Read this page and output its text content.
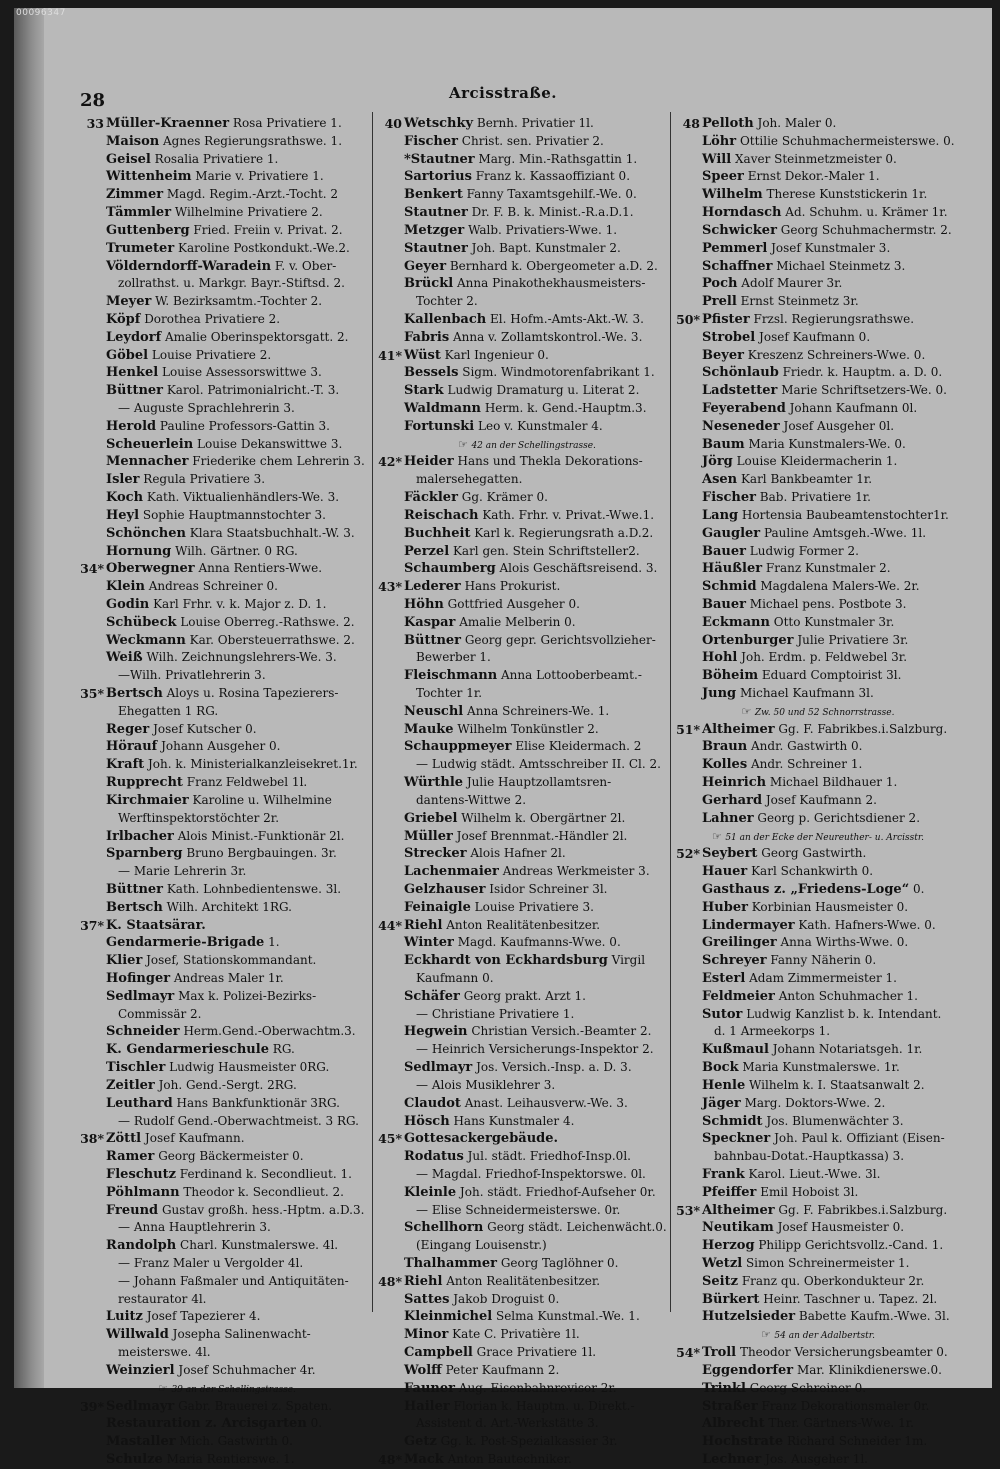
00096347
28	Arcisstraße.
33 Müller-Kraenner Rosa Privatiere 1.
Maison Agnes Regierungsrathswe. 1.
Geisel Rosalia Privatiere 1.
Wittenheim Marie v. Privatiere 1.
Zimmer Magd. Regim.-Arzt.-Tocht. 2
Tämmler Wilhelmine Privatiere 2.
Guttenberg Fried. Freiin v. Privat. 2.
Trumeter Karoline Postkondukt.-We.2.
Völderndorff-Waradein F. v. Ober-
zollrathst. u. Markgr. Bayr.-Stiftsd. 2.
Meyer W. Bezirksamtm.-Tochter 2.
Köpf Dorothea Privatiere 2.
Leydorf Amalie Oberinspektorsgatt. 2.
Göbel Louise Privatiere 2.
Henkel Louise Assessorswittwe 3.
Büttner Karol. Patrimonialricht.-T. 3.
— Auguste Sprachlehrerin 3.
Herold Pauline Professors-Gattin 3.
Scheuerlein Louise Dekanswittwe 3.
Mennacher Friederike chem Lehrerin 3.
Isler Regula Privatiere 3.
Koch Kath. Viktualienhändlers-We. 3.
Heyl Sophie Hauptmannstochter 3.
Schönchen Klara Staatsbuchhalt.-W. 3.
Hornung Wilh. Gärtner. 0 RG.
34* Oberwegner Anna Rentiers-Wwe.
Klein Andreas Schreiner 0.
Godin Karl Frhr. v. k. Major z. D. 1.
Schübeck Louise Oberreg.-Rathswe. 2.
Weckmann Kar. Obersteuerrathswe. 2.
Weiß Wilh. Zeichnungslehrers-We. 3.
—Wilh. Privatlehrerin 3.
35* Bertsch Aloys u. Rosina Tapezierers-
Ehegatten 1 RG.
Reger Josef Kutscher 0.
Hörauf Johann Ausgeher 0.
Kraft Joh. k. Ministerialkanzleisekret.1r.
Rupprecht Franz Feldwebel 1l.
Kirchmaier Karoline u. Wilhelmine
Werftinspektorstöchter 2r.
Irlbacher Alois Minist.-Funktionär 2l.
Sparnberg Bruno Bergbauingen. 3r.
— Marie Lehrerin 3r.
Büttner Kath. Lohnbedientenswe. 3l.
Bertsch Wilh. Architekt 1RG.
37* K. Staatsärar.
Gendarmerie-Brigade 1.
Klier Josef, Stationskommandant.
Hofinger Andreas Maler 1r.
Sedlmayr Max k. Polizei-Bezirks-
Commissär 2.
Schneider Herm.Gend.-Oberwachtm.3.
K. Gendarmerieschule RG.
Tischler Ludwig Hausmeister 0RG.
Zeitler Joh. Gend.-Sergt. 2RG.
Leuthard Hans Bankfunktionär 3RG.
— Rudolf Gend.-Oberwachtmeist. 3 RG.
38* Zöttl Josef Kaufmann.
Ramer Georg Bäckermeister 0.
Fleschutz Ferdinand k. Secondlieut. 1.
Pöhlmann Theodor k. Secondlieut. 2.
Freund Gustav großh. hess.-Hptm. a.D.3.
— Anna Hauptlehrerin 3.
Randolph Charl. Kunstmalerswe. 4l.
— Franz Maler u Vergolder 4l.
— Johann Faßmaler und Antiquitäten-
restaurator 4l.
Luitz Josef Tapezierer 4.
Willwald Josepha Salinenwacht-
meisterswe. 4l.
Weinzierl Josef Schuhmacher 4r.
☞ 39 an der Schellingstrasse.
39* Sedlmayr Gabr. Brauerei z. Spaten.
Restauration z. Arcisgarten 0.
Mastaller Mich. Gastwirth 0.
Schulze Maria Rentierswe. 1.
40 Wetschky Bernh. Privatier 1l.
Fischer Christ. sen. Privatier 2.
*Stautner Marg. Min.-Rathsgattin 1.
Sartorius Franz k. Kassaoffiziant 0.
Benkert Fanny Taxamtsgehilf.-We. 0.
Stautner Dr. F. B. k. Minist.-R.a.D.1.
Metzger Walb. Privatiers-Wwe. 1.
Stautner Joh. Bapt. Kunstmaler 2.
Geyer Bernhard k. Obergeometer a.D. 2.
Brückl Anna Pinakothekhausmeisters-
Tochter 2.
Kallenbach El. Hofm.-Amts-Akt.-W. 3.
Fabris Anna v. Zollamtskontrol.-We. 3.
41* Wüst Karl Ingenieur 0.
Bessels Sigm. Windmotorenfabrikant 1.
Stark Ludwig Dramaturg u. Literat 2.
Waldmann Herm. k. Gend.-Hauptm.3.
Fortunski Leo v. Kunstmaler 4.
☞ 42 an der Schellingstrasse.
42* Heider Hans und Thekla Dekorations-
malersehegatten.
Fäckler Gg. Krämer 0.
Reischach Kath. Frhr. v. Privat.-Wwe.1.
Buchheit Karl k. Regierungsrath a.D.2.
Perzel Karl gen. Stein Schriftsteller2.
Schaumberg Alois Geschäftsreisend. 3.
43* Lederer Hans Prokurist.
Höhn Gottfried Ausgeher 0.
Kaspar Amalie Melberin 0.
Büttner Georg gepr. Gerichtsvollzieher-
Bewerber 1.
Fleischmann Anna Lottooberbeamt.-
Tochter 1r.
Neuschl Anna Schreiners-We. 1.
Mauke Wilhelm Tonkünstler 2.
Schauppmeyer Elise Kleidermach. 2
— Ludwig städt. Amtsschreiber II. Cl. 2.
Würthle Julie Hauptzollamtsren-
dantens-Wittwe 2.
Griebel Wilhelm k. Obergärtner 2l.
Müller Josef Brennmat.-Händler 2l.
Strecker Alois Hafner 2l.
Lachenmaier Andreas Werkmeister 3.
Gelzhauser Isidor Schreiner 3l.
Feinaigle Louise Privatiere 3.
44* Riehl Anton Realitätenbesitzer.
Winter Magd. Kaufmanns-Wwe. 0.
Eckhardt von Eckhardsburg Virgil
Kaufmann 0.
Schäfer Georg prakt. Arzt 1.
— Christiane Privatiere 1.
Hegwein Christian Versich.-Beamter 2.
— Heinrich Versicherungs-Inspektor 2.
Sedlmayr Jos. Versich.-Insp. a. D. 3.
— Alois Musiklehrer 3.
Claudot Anast. Leihausverw.-We. 3.
Hösch Hans Kunstmaler 4.
45* Gottesackergebäude.
Rodatus Jul. städt. Friedhof-Insp.0l.
— Magdal. Friedhof-Inspektorswe. 0l.
Kleinle Joh. städt. Friedhof-Aufseher 0r.
— Elise Schneidermeisterswe. 0r.
Schellhorn Georg städt. Leichenwächt.0.
(Eingang Louisenstr.)
Thalhammer Georg Taglöhner 0.
48* Riehl Anton Realitätenbesitzer.
Sattes Jakob Droguist 0.
Kleinmichel Selma Kunstmal.-We. 1.
Minor Kate C. Privatière 1l.
Campbell Grace Privatiere 1l.
Wolff Peter Kaufmann 2.
Fauner Aug. Eisenbahnrevisor 2r.
Hailer Florian k. Hauptm. u. Direkt.-
Assistent d. Art.-Werkstätte 3.
Getz Gg. k. Post-Spezialkassier 3r.
48* Mack Anton Bautechniker.
48 Pelloth Joh. Maler 0.
Löhr Ottilie Schuhmachermeisterswe. 0.
Will Xaver Steinmetzmeister 0.
Speer Ernst Dekor.-Maler 1.
Wilhelm Therese Kunststickerin 1r.
Horndasch Ad. Schuhm. u. Krämer 1r.
Schwicker Georg Schuhmachermstr. 2.
Pemmerl Josef Kunstmaler 3.
Schaffner Michael Steinmetz 3.
Poch Adolf Maurer 3r.
Prell Ernst Steinmetz 3r.
50* Pfister Frzsl. Regierungsrathswe.
Strobel Josef Kaufmann 0.
Beyer Kreszenz Schreiners-Wwe. 0.
Schönlaub Friedr. k. Hauptm. a. D. 0.
Ladstetter Marie Schriftsetzers-We. 0.
Feyerabend Johann Kaufmann 0l.
Neseneder Josef Ausgeher 0l.
Baum Maria Kunstmalers-We. 0.
Jörg Louise Kleidermacherin 1.
Asen Karl Bankbeamter 1r.
Fischer Bab. Privatiere 1r.
Lang Hortensia Baubeamtenstochter1r.
Gaugler Pauline Amtsgeh.-Wwe. 1l.
Bauer Ludwig Former 2.
Häußler Franz Kunstmaler 2.
Schmid Magdalena Malers-We. 2r.
Bauer Michael pens. Postbote 3.
Eckmann Otto Kunstmaler 3r.
Ortenburger Julie Privatiere 3r.
Hohl Joh. Erdm. p. Feldwebel 3r.
Böheim Eduard Comptoirist 3l.
Jung Michael Kaufmann 3l.
☞ Zw. 50 und 52 Schnorrstrasse.
51* Altheimer Gg. F. Fabrikbes.i.Salzburg.
Braun Andr. Gastwirth 0.
Kolles Andr. Schreiner 1.
Heinrich Michael Bildhauer 1.
Gerhard Josef Kaufmann 2.
Lahner Georg p. Gerichtsdiener 2.
☞ 51 an der Ecke der Neureuther- u. Arcisstr.
52* Seybert Georg Gastwirth.
Hauer Karl Schankwirth 0.
Gasthaus z. „Friedens-Loge“ 0.
Huber Korbinian Hausmeister 0.
Lindermayer Kath. Hafners-Wwe. 0.
Greilinger Anna Wirths-Wwe. 0.
Schreyer Fanny Näherin 0.
Esterl Adam Zimmermeister 1.
Feldmeier Anton Schuhmacher 1.
Sutor Ludwig Kanzlist b. k. Intendant.
d. 1 Armeekorps 1.
Kußmaul Johann Notariatsgeh. 1r.
Bock Maria Kunstmalerswe. 1r.
Henle Wilhelm k. I. Staatsanwalt 2.
Jäger Marg. Doktors-Wwe. 2.
Schmidt Jos. Blumenwächter 3.
Speckner Joh. Paul k. Offiziant (Eisen-
bahnbau-Dotat.-Hauptkassa) 3.
Frank Karol. Lieut.-Wwe. 3l.
Pfeiffer Emil Hoboist 3l.
53* Altheimer Gg. F. Fabrikbes.i.Salzburg.
Neutikam Josef Hausmeister 0.
Herzog Philipp Gerichtsvollz.-Cand. 1.
Wetzl Simon Schreinermeister 1.
Seitz Franz qu. Oberkondukteur 2r.
Bürkert Heinr. Taschner u. Tapez. 2l.
Hutzelsieder Babette Kaufm.-Wwe. 3l.
☞ 54 an der Adalbertstr.
54* Troll Theodor Versicherungsbeamter 0.
Eggendorfer Mar. Klinikdienerswe.0.
Trinkl Georg Schreiner 0.
Straßer Franz Dekorationsmaler 0r.
Albrecht Ther. Gärtners-Wwe. 1r.
Hochstrate Richard Schneider 1m.
Lechner Jos. Ausgeher 1l.
